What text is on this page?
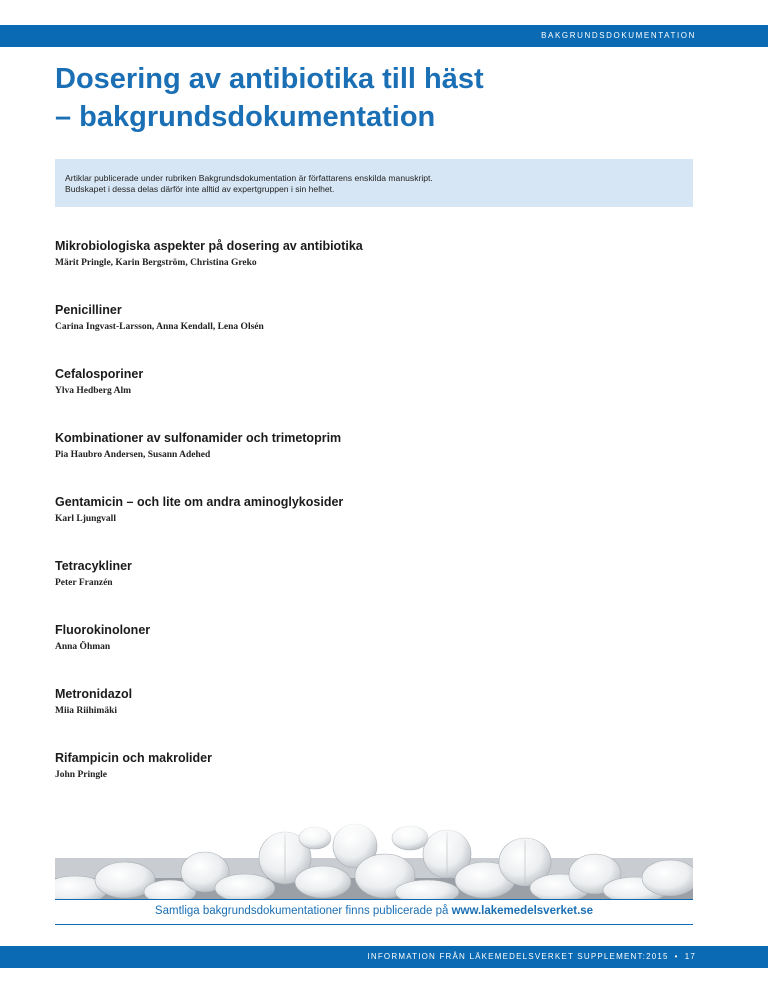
BAKGRUNDSDOKUMENTATION
Dosering av antibiotika till häst
– bakgrundsdokumentation
Artiklar publicerade under rubriken Bakgrundsdokumentation är författarens enskilda manuskript.
Budskapet i dessa delas därför inte alltid av expertgruppen i sin helhet.
Mikrobiologiska aspekter på dosering av antibiotika
Märit Pringle, Karin Bergström, Christina Greko
Penicilliner
Carina Ingvast-Larsson, Anna Kendall, Lena Olsén
Cefalosporiner
Ylva Hedberg Alm
Kombinationer av sulfonamider och trimetoprim
Pia Haubro Andersen, Susann Adehed
Gentamicin – och lite om andra aminoglykosider
Karl Ljungvall
Tetracykliner
Peter Franzén
Fluorokinoloner
Anna Öhman
Metronidazol
Miia Riihimäki
Rifampicin och makrolider
John Pringle
Samtliga bakgrundsdokumentationer finns publicerade på www.lakemedelsverket.se
INFORMATION FRÅN LÄKEMEDELSVERKET SUPPLEMENT:2015 • 17
